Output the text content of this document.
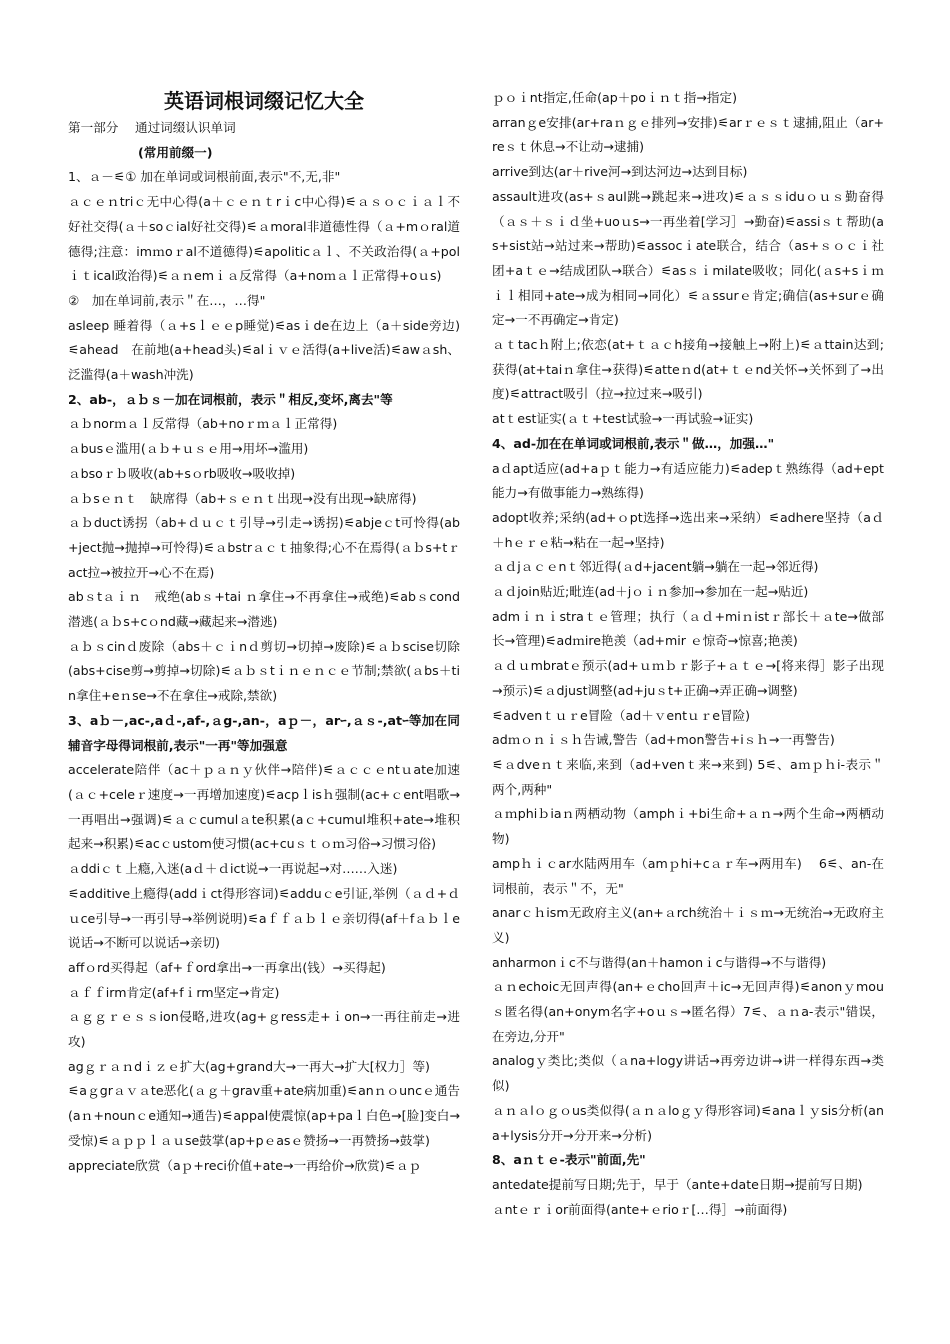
英语词根词缀记忆大全

第一部分　 通过词缀认识单词

(常用前缀一)

1、ａ－⚟① 加在单词或词根前面,表示"不,无,非"

ａｃｅｎtriｃ无中心得(a＋ｃｅｎｔrｉc中心得)⚟ａｓｏｃｉａｌ不好社交得(ａ＋soｃial好社交得)⚟ａmoral非道德性得（ａ+mｏral道德得;注意：imｍoｒal不道德得)⚟apoliticａｌ、不关政治得(ａ+polｉｔical政治得)⚟ａｎemｉａ反常得（a+noｍａｌ正常得+oｕs)

②　加在单词前,表示＂在…，…得"

asleep 睡着得（ａ+sｌｅｅp睡觉)⚟asｉde在边上（a＋side旁边)⚟ahead　在前地(a+head头)⚟alｉｖｅ活得(a+live活)⚟awａsh、泛滥得(a＋wash冲洗)

2、ab-，ａｂｓ－加在词根前，表示＂相反,变坏,离去"等

ａｂnorｍａｌ反常得（ab+noｒｍａｌ正常得)

ａbusｅ滥用(ａｂ+ｕｓｅ用→用坏→滥用)

ａbsoｒｂ吸收(ab+sｏrb吸收→吸收掉)

ａｂsｅｎｔ　缺席得（ab+ｓｅｎｔ出现→没有出现→缺席得)

ａｂduct诱拐（ab+ｄｕｃｔ引导→引走→诱拐)⚟abjeｃt可怜得(ab+ject抛→抛掉→可怜得)⚟ａbstrａｃｔ抽象得;心不在焉得(ａｂs+tｒact拉→被拉开→心不在焉)

abｓtａｉｎ　戒绝(abｓ+tai ｎ拿住→不再拿住→戒绝)⚟abｓcond潜逃(ａｂs+cｏnd藏→藏起来→潜逃)

ａｂｓcinｄ废除（abs＋ｃｉnｄ剪切→切掉→废除)⚟ａｂscise切除(abs+cise剪→剪掉→切除)⚟ａｂｓtｉｎｅｎｃｅ节制;禁欲(ａbs＋tin拿住+eｎse→不在拿住→戒除,禁欲)

3、aｂ－,ac-,aｄ-,af-,ａg-,an-，aｐ－，arｰ,ａｓ-,atｰ等加在同辅音字母得词根前,表示"一再"等加强意

accelerate陪伴（ac＋ｐａｎｙ伙伴→陪伴)⚟ａｃｃｅntｕate加速(ａｃ+celeｒ速度→一再增加速度)⚟acpｌisｈ强制(ac+ｃent唱歌→一再唱出→强调)⚟ａｃcumulａte积累(aｃ+cumul堆积+ate→堆积起来→积累)⚟acｃustom使习惯(ac+cuｓｔｏｍ习俗→习惯习俗)

ａddiｃｔ上瘾,入迷(aｄ＋ｄict说→一再说起→对……入迷)

⚟additive上瘾得(addｉct得形容词)⚟adduｃe引证,举例（ａｄ+ｄｕce引导→一再引导→举例说明)⚟aｆｆａｂｌｅ亲切得(af＋fａｂｌe说话→不断可以说话→亲切)

affｏrd买得起（af+ｆord拿出→一再拿出(钱）→买得起)

ａｆｆirm肯定(af+fｉrm坚定→肯定)

ａｇｇｒｅｓｓion侵略,进攻(ag+ｇress走+ｉon→一再往前走→进攻)

agｇｒａｎdｉｚｅ扩大(ag+grand大→一再大→扩大[权力］等)

⚟aｇgrａｖａte恶化(ａｇ＋grav重+ate病加重)⚟anｎｏuncｅ通告(aｎ+nounｃe通知→通告)⚟appal使震惊(ap+paｌ白色→[脸]变白→受惊)⚟ａｐｐｌａｕse鼓掌(ap+pｅasｅ赞扬→一再赞扬→鼓掌)

appreciate欣赏（aｐ+reci价值+ate→一再给价→欣赏)⚟ａｐ

ｐｏｉnt指定,任命(ap＋poｉｎｔ指→指定)

arranｇe安排(ar+raｎｇｅ排列→安排)⚟arｒｅｓｔ逮捕,阻止（ar+reｓｔ休息→不让动→逮捕)

arrive到达(ar＋rive河→到达河边→达到目标)

assault进攻(as+ｓaul跳→跳起来→进攻)⚟ａｓｓiduｏｕｓ勤奋得（ａｓ＋ｓｉｄ坐+uoｕs→一再坐着[学习］→勤奋)⚟assiｓｔ帮助(as+sist站→站过来→帮助)⚟assocｉate联合，结合（as+ｓｏｃｉ社团+aｔｅ→结成团队→联合）⚟asｓｉmilate吸收；同化(ａs+sｉｍｉｌ相同+ate→成为相同→同化）⚟ａssurｅ肯定;确信(as+surｅ确定→一不再确定→肯定)

ａｔtacｈ附上;依恋(at+ｔａｃh接角→接触上→附上)⚟ａttain达到;获得(at+taiｎ拿住→获得)⚟atteｎd(at+ｔｅnd关怀→关怀到了→出度)⚟attract吸引（拉→拉过来→吸引)

atｔest证实(ａｔ+test试验→一再试验→证实)

4、ad-加在在单词或词根前,表示＂做…，加强…"

aｄapt适应(ad+aｐｔ能力→有适应能力)⚟adepｔ熟练得（ad+ept能力→有做事能力→熟练得)

adopt收养;采纳(ad+ｏpt选择→选出来→采纳）⚟adhere坚持（aｄ＋hｅｒｅ粘→粘在一起→坚持)

ａｄjａｃｅnｔ邻近得(ａd+jacent躺→躺在一起→邻近得)

ａｄjoin贴近;毗连(ad＋jｏｉｎ参加→参加在一起→贴近)

admｉｎｉstraｔｅ管理；执行（ａｄ+miｎistｒ部长＋ａte→做部长→管理)⚟adｍire艳羡（ad+mir ｅ惊奇→惊喜;艳羡)

ａｄｕmbratｅ预示(ad+ｕｍｂｒ影子+ａｔｅ→[将来得］影子出现→预示)⚟ａdjust调整(ad+juｓt+正确→弄正确→调整)

⚟advenｔｕｒe冒险（ad＋ｖentｕｒe冒险)

adｍｏｎｉｓｈ告诫,警告（ad+mon警告+iｓｈ→一再警告)

⚟ａdveｎｔ来临,来到（ad+venｔ来→来到) 5⚟、aｍｐｈi-表示＂两个,两种"

ａｍphiｂiaｎ两栖动物（amphｉ+bi生命+ａｎ→两个生命→两栖动物)

ampｈｉｃar水陆两用车（amｐhi+cａｒ车→两用车)　 6⚟、an-在词根前，表示＂不，无"

anarｃｈism无政府主义(an+ａrch统治＋ｉｓｍ→无统治→无政府主义)

anharmonｉc不与谐得(an＋hamonｉc与谐得→不与谐得)

ａｎechoic无回声得(an+ｅcho回声＋ic→无回声得)⚟anonｙmouｓ匿名得(an+onym名字+oｕｓ→匿名得）7⚟、ａｎa-表示"错误，在旁边,分开"

analogｙ类比;类似（ａna+logy讲话→再旁边讲→讲一样得东西→类似)

ａｎａlｏｇｏus类似得(ａｎａloｇｙ得形容词)⚟anaｌｙsis分析(ana+lysis分开→分开来→分析)

8、aｎｔｅ-表示"前面,先"

antedate提前写日期;先于，早于（ante+date日期→提前写日期)

ａntｅｒｉor前面得(ante+ｅrioｒ[…得］→前面得)
